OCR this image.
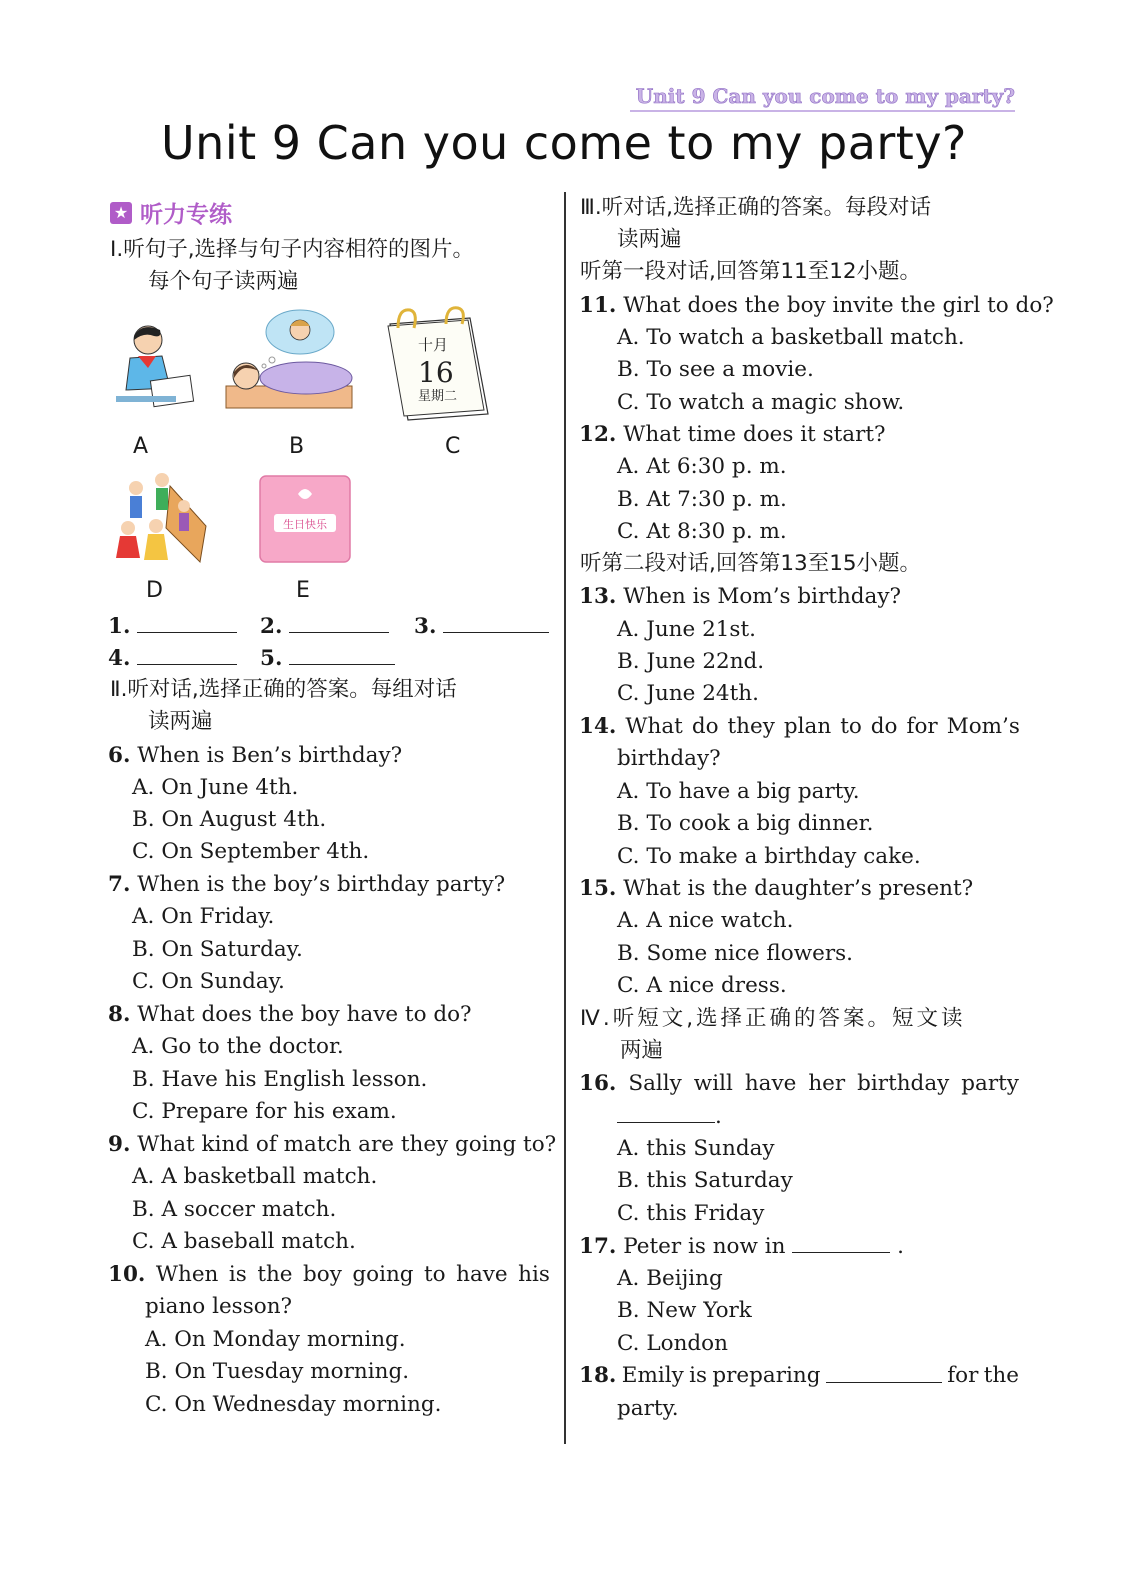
Unit 9 Can you come to my party?
Unit 9 Can you come to my party?
★ 听力专练
Ⅰ.听句子,选择与句子内容相符的图片。
每个句子读两遍
十月
16
星期二
A	B	C
生日快乐
D	E
1.	2.	3.
4.	5.
Ⅱ.听对话,选择正确的答案。每组对话
读两遍
6. When is Ben’s birthday?
A. On June 4th.
B. On August 4th.
C. On September 4th.
7. When is the boy’s birthday party?
A. On Friday.
B. On Saturday.
C. On Sunday.
8. What does the boy have to do?
A. Go to the doctor.
B. Have his English lesson.
C. Prepare for his exam.
9. What kind of match are they going to?
A. A basketball match.
B. A soccer match.
C. A baseball match.
10. When is the boy going to have his
piano lesson?
A. On Monday morning.
B. On Tuesday morning.
C. On Wednesday morning.
Ⅲ.听对话,选择正确的答案。每段对话
读两遍
听第一段对话,回答第11至12小题。
11. What does the boy invite the girl to do?
A. To watch a basketball match.
B. To see a movie.
C. To watch a magic show.
12. What time does it start?
A. At 6:30 p. m.
B. At 7:30 p. m.
C. At 8:30 p. m.
听第二段对话,回答第13至15小题。
13. When is Mom’s birthday?
A. June 21st.
B. June 22nd.
C. June 24th.
14. What do they plan to do for Mom’s
birthday?
A. To have a big party.
B. To cook a big dinner.
C. To make a birthday cake.
15. What is the daughter’s present?
A. A nice watch.
B. Some nice flowers.
C. A nice dress.
Ⅳ.听短文,选择正确的答案。短文读
两遍
16. Sally will have her birthday party
.
A. this Sunday
B. this Saturday
C. this Friday
17. Peter is now in	.
A. Beijing
B. New York
C. London
18. Emily is preparing	for the
party.
